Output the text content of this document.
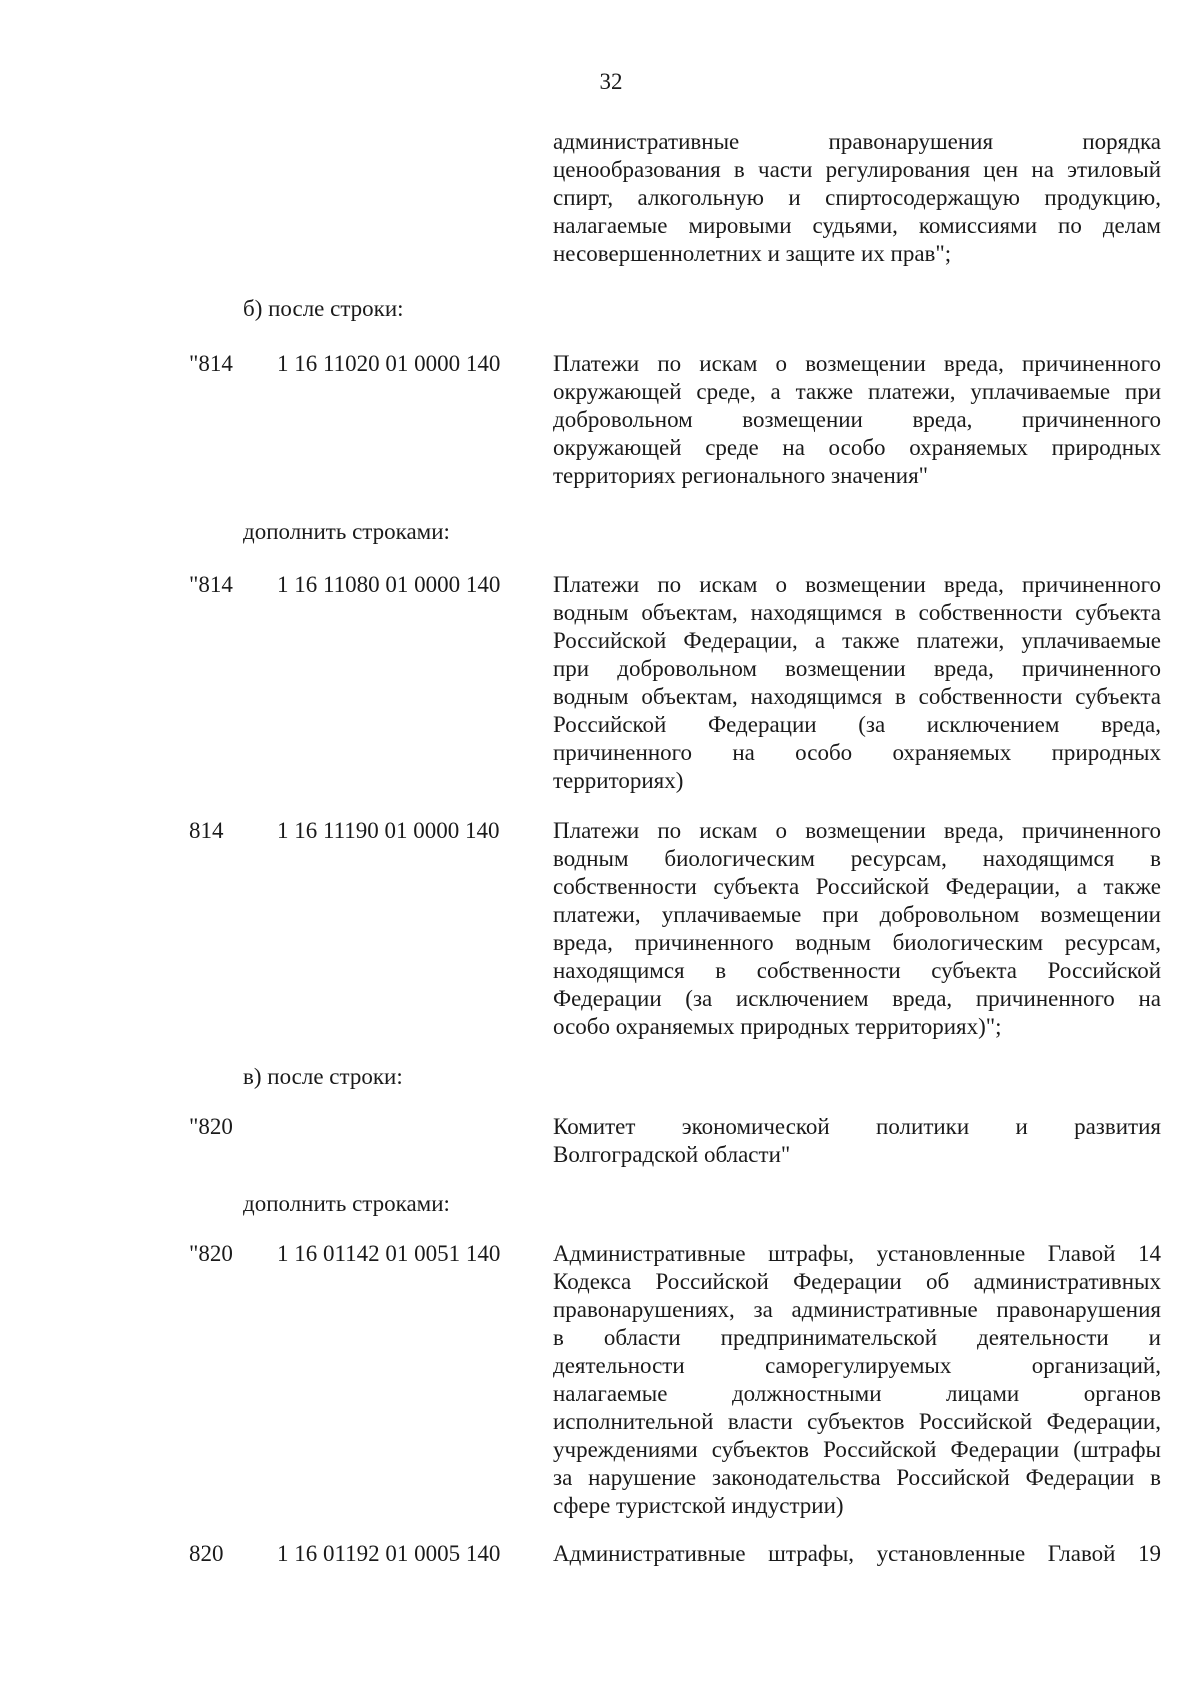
32
административные правонарушения порядка
ценообразования в части регулирования цен на этиловый
спирт, алкогольную и спиртосодержащую продукцию,
налагаемые мировыми судьями, комиссиями по делам
несовершеннолетних и защите их прав";
б) после строки:
"814 1 16 11020 01 0000 140 Платежи по искам о возмещении вреда, причиненного
окружающей среде, а также платежи, уплачиваемые при
добровольном возмещении вреда, причиненного
окружающей среде на особо охраняемых природных
территориях регионального значения"
дополнить строками:
"814 1 16 11080 01 0000 140 Платежи по искам о возмещении вреда, причиненного
водным объектам, находящимся в собственности субъекта
Российской Федерации, а также платежи, уплачиваемые
при добровольном возмещении вреда, причиненного
водным объектам, находящимся в собственности субъекта
Российской Федерации (за исключением вреда,
причиненного на особо охраняемых природных
территориях)
814 1 16 11190 01 0000 140 Платежи по искам о возмещении вреда, причиненного
водным биологическим ресурсам, находящимся в
собственности субъекта Российской Федерации, а также
платежи, уплачиваемые при добровольном возмещении
вреда, причиненного водным биологическим ресурсам,
находящимся в собственности субъекта Российской
Федерации (за исключением вреда, причиненного на
особо охраняемых природных территориях)";
в) после строки:
"820	Комитет экономической политики и развития
Волгоградской области"
дополнить строками:
"820 1 16 01142 01 0051 140 Административные штрафы, установленные Главой 14
Кодекса Российской Федерации об административных
правонарушениях, за административные правонарушения
в области предпринимательской деятельности и
деятельности саморегулируемых организаций,
налагаемые должностными лицами органов
исполнительной власти субъектов Российской Федерации,
учреждениями субъектов Российской Федерации (штрафы
за нарушение законодательства Российской Федерации в
сфере туристской индустрии)
820 1 16 01192 01 0005 140 Административные штрафы, установленные Главой 19
